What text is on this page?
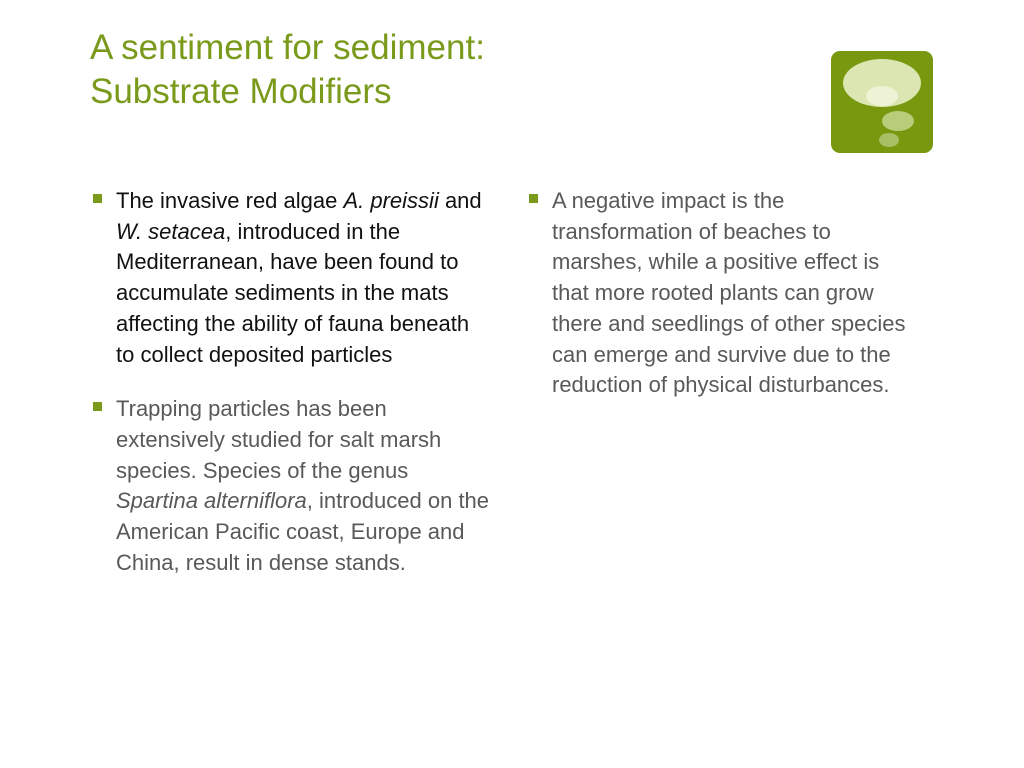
A sentiment for sediment:
Substrate Modifiers
The invasive red algae A. preissii and W. setacea, introduced in the Mediterranean, have been found to accumulate sediments in the mats affecting the ability of fauna beneath to collect deposited particles
Trapping particles has been extensively studied for salt marsh species. Species of the genus Spartina alterniflora, introduced on the American Pacific coast, Europe and China, result in dense stands.
A negative impact is the transformation of beaches to marshes, while a positive effect is that more rooted plants can grow there and seedlings of other species can emerge and survive due to the reduction of physical disturbances.
